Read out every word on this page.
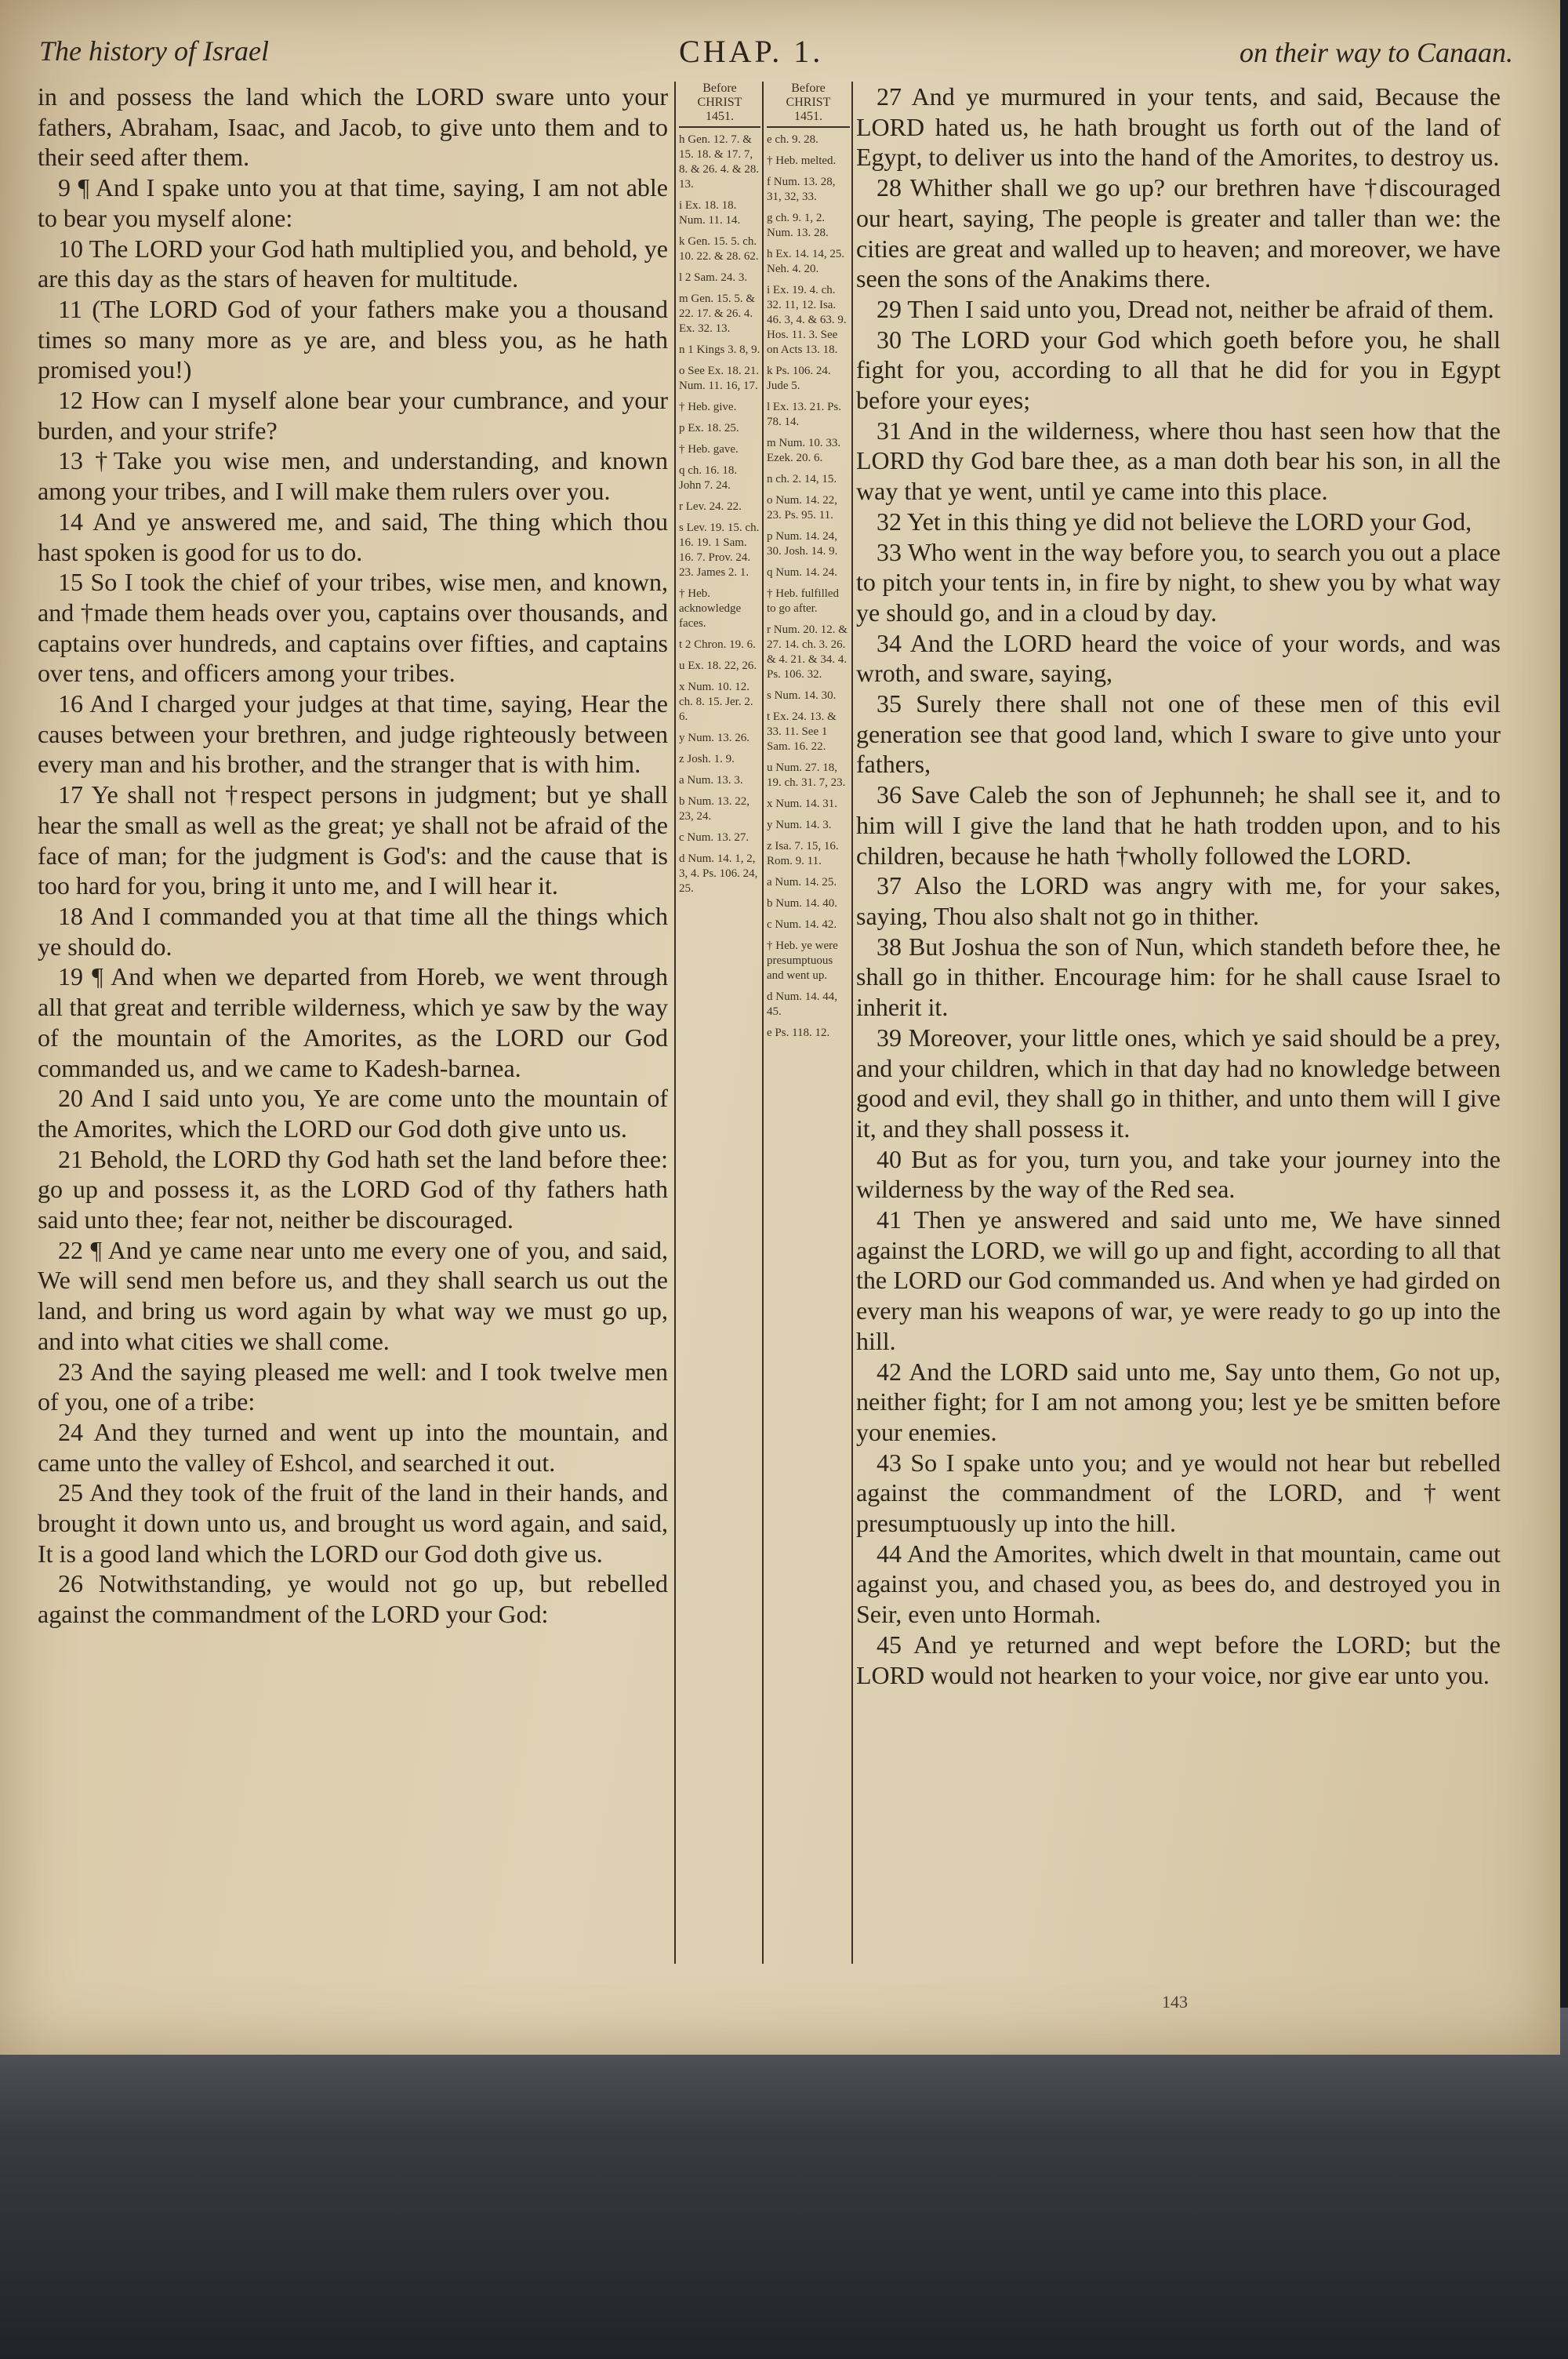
The history of Israel	CHAP. 1.	on their way to Canaan.

in and possess the land which the LORD sware unto your fathers, Abraham, Isaac, and Jacob, to give unto them and to their seed after them.

9 ¶ And I spake unto you at that time, saying, I am not able to bear you myself alone:

10 The LORD your God hath multiplied you, and behold, ye are this day as the stars of heaven for multitude.

11 (The LORD God of your fathers make you a thousand times so many more as ye are, and bless you, as he hath promised you!)

12 How can I myself alone bear your cumbrance, and your burden, and your strife?

13 †Take you wise men, and understanding, and known among your tribes, and I will make them rulers over you.

14 And ye answered me, and said, The thing which thou hast spoken is good for us to do.

15 So I took the chief of your tribes, wise men, and known, and †made them heads over you, captains over thousands, and captains over hundreds, and captains over fifties, and captains over tens, and officers among your tribes.

16 And I charged your judges at that time, saying, Hear the causes between your brethren, and judge righteously between every man and his brother, and the stranger that is with him.

17 Ye shall not †respect persons in judgment; but ye shall hear the small as well as the great; ye shall not be afraid of the face of man; for the judgment is God's: and the cause that is too hard for you, bring it unto me, and I will hear it.

18 And I commanded you at that time all the things which ye should do.

19 ¶ And when we departed from Horeb, we went through all that great and terrible wilderness, which ye saw by the way of the mountain of the Amorites, as the LORD our God commanded us, and we came to Kadesh-barnea.

20 And I said unto you, Ye are come unto the mountain of the Amorites, which the LORD our God doth give unto us.

21 Behold, the LORD thy God hath set the land before thee: go up and possess it, as the LORD God of thy fathers hath said unto thee; fear not, neither be discouraged.

22 ¶ And ye came near unto me every one of you, and said, We will send men before us, and they shall search us out the land, and bring us word again by what way we must go up, and into what cities we shall come.

23 And the saying pleased me well: and I took twelve men of you, one of a tribe:

24 And they turned and went up into the mountain, and came unto the valley of Eshcol, and searched it out.

25 And they took of the fruit of the land in their hands, and brought it down unto us, and brought us word again, and said, It is a good land which the LORD our God doth give us.

26 Notwithstanding, ye would not go up, but rebelled against the commandment of the LORD your God:

Before
CHRIST
1451.
h Gen. 12. 7. & 15. 18. & 17. 7, 8. & 26. 4. & 28. 13.
i Ex. 18. 18. Num. 11. 14.
k Gen. 15. 5. ch. 10. 22. & 28. 62.
l 2 Sam. 24. 3.
m Gen. 15. 5. & 22. 17. & 26. 4. Ex. 32. 13.
n 1 Kings 3. 8, 9.
o See Ex. 18. 21. Num. 11. 16, 17.
† Heb. give.
p Ex. 18. 25.
† Heb. gave.
q ch. 16. 18. John 7. 24.
r Lev. 24. 22.
s Lev. 19. 15. ch. 16. 19. 1 Sam. 16. 7. Prov. 24. 23. James 2. 1.
† Heb. acknowledge faces.
t 2 Chron. 19. 6.
u Ex. 18. 22, 26.
x Num. 10. 12. ch. 8. 15. Jer. 2. 6.
y Num. 13. 26.
z Josh. 1. 9.
a Num. 13. 3.
b Num. 13. 22, 23, 24.
c Num. 13. 27.
d Num. 14. 1, 2, 3, 4. Ps. 106. 24, 25.
Before
CHRIST
1451.
e ch. 9. 28.
† Heb. melted.
f Num. 13. 28, 31, 32, 33.
g ch. 9. 1, 2. Num. 13. 28.
h Ex. 14. 14, 25. Neh. 4. 20.
i Ex. 19. 4. ch. 32. 11, 12. Isa. 46. 3, 4. & 63. 9. Hos. 11. 3. See on Acts 13. 18.
k Ps. 106. 24. Jude 5.
l Ex. 13. 21. Ps. 78. 14.
m Num. 10. 33. Ezek. 20. 6.
n ch. 2. 14, 15.
o Num. 14. 22, 23. Ps. 95. 11.
p Num. 14. 24, 30. Josh. 14. 9.
q Num. 14. 24.
† Heb. fulfilled to go after.
r Num. 20. 12. & 27. 14. ch. 3. 26. & 4. 21. & 34. 4. Ps. 106. 32.
s Num. 14. 30.
t Ex. 24. 13. & 33. 11. See 1 Sam. 16. 22.
u Num. 27. 18, 19. ch. 31. 7, 23.
x Num. 14. 31.
y Num. 14. 3.
z Isa. 7. 15, 16. Rom. 9. 11.
a Num. 14. 25.
b Num. 14. 40.
c Num. 14. 42.
† Heb. ye were presumptuous and went up.
d Num. 14. 44, 45.
e Ps. 118. 12.

27 And ye murmured in your tents, and said, Because the LORD hated us, he hath brought us forth out of the land of Egypt, to deliver us into the hand of the Amorites, to destroy us.

28 Whither shall we go up? our brethren have †discouraged our heart, saying, The people is greater and taller than we: the cities are great and walled up to heaven; and moreover, we have seen the sons of the Anakims there.

29 Then I said unto you, Dread not, neither be afraid of them.

30 The LORD your God which goeth before you, he shall fight for you, according to all that he did for you in Egypt before your eyes;

31 And in the wilderness, where thou hast seen how that the LORD thy God bare thee, as a man doth bear his son, in all the way that ye went, until ye came into this place.

32 Yet in this thing ye did not believe the LORD your God,

33 Who went in the way before you, to search you out a place to pitch your tents in, in fire by night, to shew you by what way ye should go, and in a cloud by day.

34 And the LORD heard the voice of your words, and was wroth, and sware, saying,

35 Surely there shall not one of these men of this evil generation see that good land, which I sware to give unto your fathers,

36 Save Caleb the son of Jephunneh; he shall see it, and to him will I give the land that he hath trodden upon, and to his children, because he hath †wholly followed the LORD.

37 Also the LORD was angry with me, for your sakes, saying, Thou also shalt not go in thither.

38 But Joshua the son of Nun, which standeth before thee, he shall go in thither. Encourage him: for he shall cause Israel to inherit it.

39 Moreover, your little ones, which ye said should be a prey, and your children, which in that day had no knowledge between good and evil, they shall go in thither, and unto them will I give it, and they shall possess it.

40 But as for you, turn you, and take your journey into the wilderness by the way of the Red sea.

41 Then ye answered and said unto me, We have sinned against the LORD, we will go up and fight, according to all that the LORD our God commanded us. And when ye had girded on every man his weapons of war, ye were ready to go up into the hill.

42 And the LORD said unto me, Say unto them, Go not up, neither fight; for I am not among you; lest ye be smitten before your enemies.

43 So I spake unto you; and ye would not hear but rebelled against the commandment of the LORD, and †went presumptuously up into the hill.

44 And the Amorites, which dwelt in that mountain, came out against you, and chased you, as bees do, and destroyed you in Seir, even unto Hormah.

45 And ye returned and wept before the LORD; but the LORD would not hearken to your voice, nor give ear unto you.

143
